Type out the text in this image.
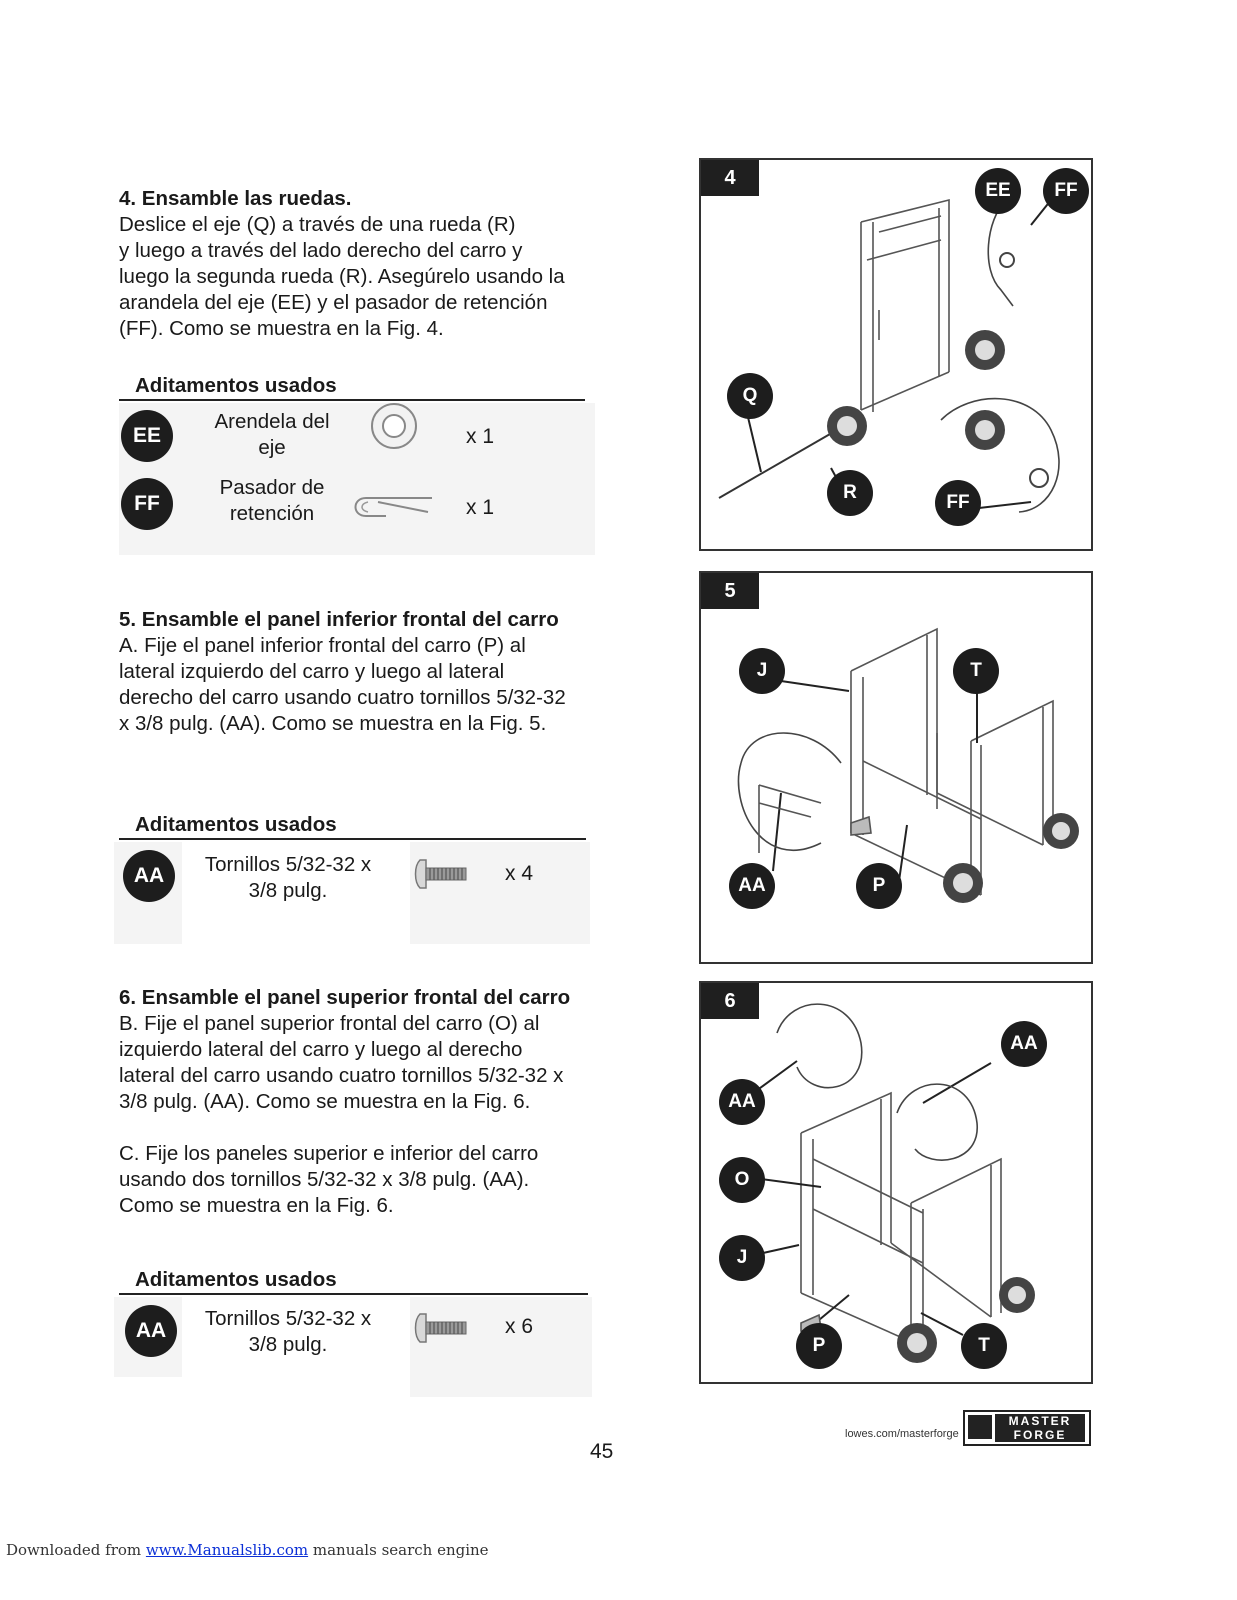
4. Ensamble las ruedas.

Deslice el eje (Q) a través de una rueda (R)

y luego a través del lado derecho del carro y

luego la segunda rueda (R). Asegúrelo usando la

arandela del eje (EE) y el pasador de retención

(FF). Como se muestra en la Fig. 4.

Aditamentos usados
EE
Arendela del
eje	x 1
FF
Pasador de
retención	x 1
5. Ensamble el panel inferior frontal del carro

A. Fije el panel inferior frontal del carro (P) al

lateral izquierdo del carro y luego al lateral

derecho del carro usando cuatro tornillos 5/32-32

x 3/8 pulg. (AA). Como se muestra en la Fig. 5.

Aditamentos usados
AA	Tornillos 5/32-32 x
3/8 pulg.
x 4
6. Ensamble el panel superior frontal del carro

B. Fije el panel superior frontal del carro (O) al

izquierdo lateral del carro y luego al derecho

lateral del carro usando cuatro tornillos 5/32-32 x

3/8 pulg. (AA). Como se muestra en la Fig. 6.

C. Fije los paneles superior e inferior del carro

usando dos tornillos 5/32-32 x 3/8 pulg. (AA).

Como se muestra en la Fig. 6.

Aditamentos usados
AA
Tornillos 5/32-32 x
3/8 pulg.
x 6
4
EE	FF
Q
R	FF
5
J	T
AA	P
6
AA
AA
O
J
P	T
lowes.com/masterforge
MASTER
FORGE
45
Downloaded from www.Manualslib.com manuals search engine
